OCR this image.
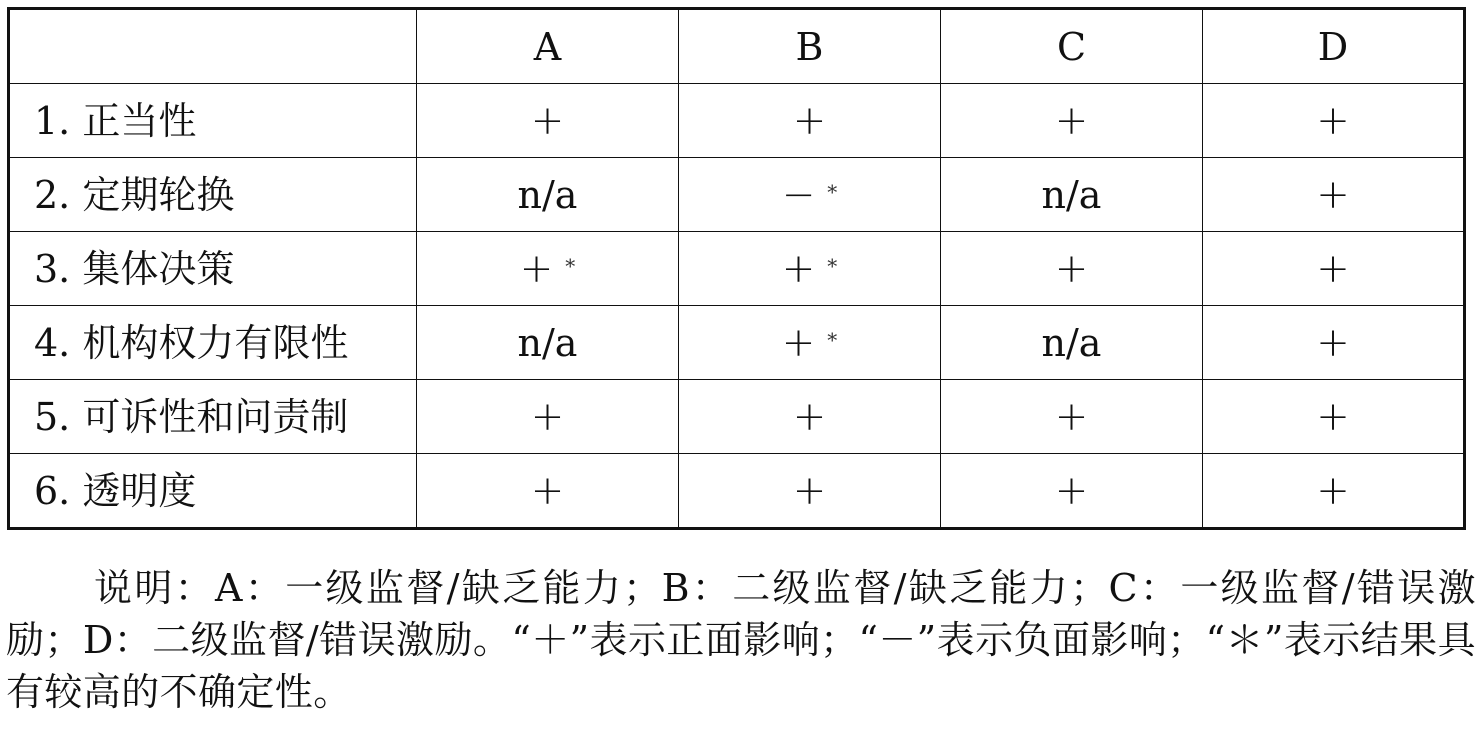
	A	B	C	D
1. 正当性	+	+	+	+
2. 定期轮换	n/a	− *	n/a	+
3. 集体决策	+ *	+ *	+	+
4. 机构权力有限性	n/a	+ *	n/a	+
5. 可诉性和问责制	+	+	+	+
6. 透明度	+	+	+	+

说明：A：一级监督/缺乏能力；B：二级监督/缺乏能力；C：一级监督/错误激励；D：二级监督/错误激励。“＋”表示正面影响；“－”表示负面影响；“＊”表示结果具有较高的不确定性。
